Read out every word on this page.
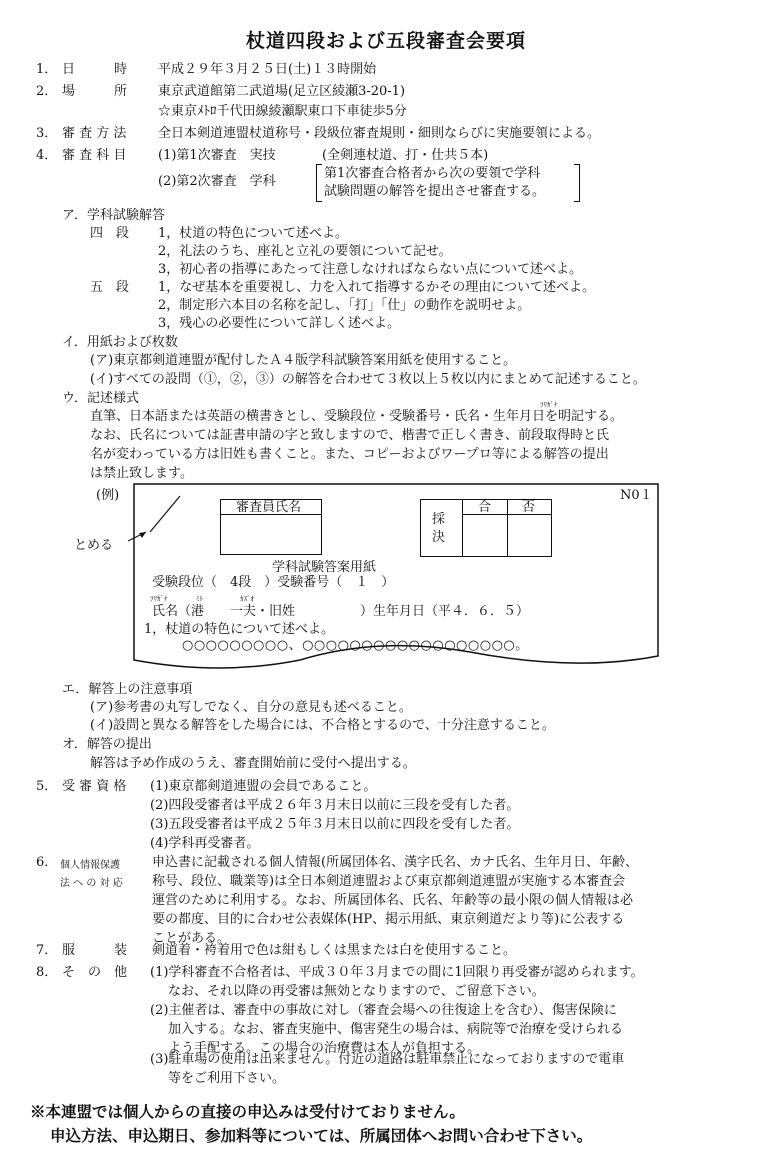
杖道四段および五段審査会要項
1． 日　　　時 平成２９年３月２５日(土)１３時開始
2． 場　　　所 東京武道館第二武道場(足立区綾瀬3-20-1)
☆東京ﾒﾄﾛ千代田線綾瀬駅東口下車徒歩5分
3． 審 査 方 法 全日本剣道連盟杖道称号・段級位審査規則・細則ならびに実施要領による。
4． 審 査 科 目 (1)第1次審査　実技	(全剣連杖道、打・仕共５本)
(2)第2次審査　学科
第1次審査合格者から次の要領で学科
試験問題の解答を提出させ審査する。
ア．学科試験解答
四　段 1，杖道の特色について述べよ。
2，礼法のうち、座礼と立礼の要領について記せ。
3，初心者の指導にあたって注意しなければならない点について述べよ。
五　段 1，なぜ基本を重要視し、力を入れて指導するかその理由について述べよ。
2，制定形六本目の名称を記し、「打」「仕」の動作を説明せよ。
3，残心の必要性について詳しく述べよ。
イ．用紙および枚数
(ア)東京都剣道連盟が配付したＡ４版学科試験答案用紙を使用すること。
(イ)すべての設問（①，②，③）の解答を合わせて３枚以上５枚以内にまとめて記述すること。
ウ．記述様式	ﾌﾘｶﾞﾅ
直筆、日本語または英語の横書きとし、受験段位・受験番号・氏名・生年月日を明記する。
なお、氏名については証書申請の字と致しますので、楷書で正しく書き、前段取得時と氏
名が変わっている方は旧姓も書くこと。また、コピーおよびワープロ等による解答の提出
は禁止致します。
(例)
とめる
N0１
審査員氏名
採
決
合 否
学科試験答案用紙
受験段位（　4段　）受験番号（　１　）
ﾌﾘｶﾞﾅ	ﾐﾄ	ｶｽﾞｵ
氏名（港　　一夫・旧姓　　　　　）生年月日（平４．６．５）
1，杖道の特色について述べよ。
○○○○○○○○○、○○○○○○○○○○○○○○○○○○。
エ．解答上の注意事項
(ア)参考書の丸写しでなく、自分の意見も述べること。
(イ)設問と異なる解答をした場合には、不合格とするので、十分注意すること。
オ．解答の提出
解答は予め作成のうえ、審査開始前に受付へ提出する。
5． 受 審 資 格 (1)東京都剣道連盟の会員であること。
(2)四段受審者は平成２６年３月末日以前に三段を受有した者。
(3)五段受審者は平成２５年３月末日以前に四段を受有した者。
(4)学科再受審者。
6． 個人情報保護
法 へ の 対 応
申込書に記載される個人情報(所属団体名、漢字氏名、カナ氏名、生年月日、年齢、
称号、段位、職業等)は全日本剣道連盟および東京都剣道連盟が実施する本審査会
運営のために利用する。なお、所属団体名、氏名、年齢等の最小限の個人情報は必
要の都度、目的に合わせ公表媒体(HP、掲示用紙、東京剣道だより等)に公表する
ことがある。
7． 服　　　装 剣道着・袴着用で色は紺もしくは黒または白を使用すること。
8． そ　の　他 (1)学科審査不合格者は、平成３０年３月までの間に1回限り再受審が認められます。
なお、それ以降の再受審は無効となりますので、ご留意下さい。
(2)主催者は、審査中の事故に対し（審査会場への往復途上を含む）、傷害保険に
加入する。なお、審査実施中、傷害発生の場合は、病院等で治療を受けられる
よう手配する。この場合の治療費は本人が負担する。
(3)駐車場の使用は出来ません。付近の道路は駐車禁止になっておりますので電車
等をご利用下さい。
※本連盟では個人からの直接の申込みは受付けておりません。
申込方法、申込期日、参加料等については、所属団体へお問い合わせ下さい。
